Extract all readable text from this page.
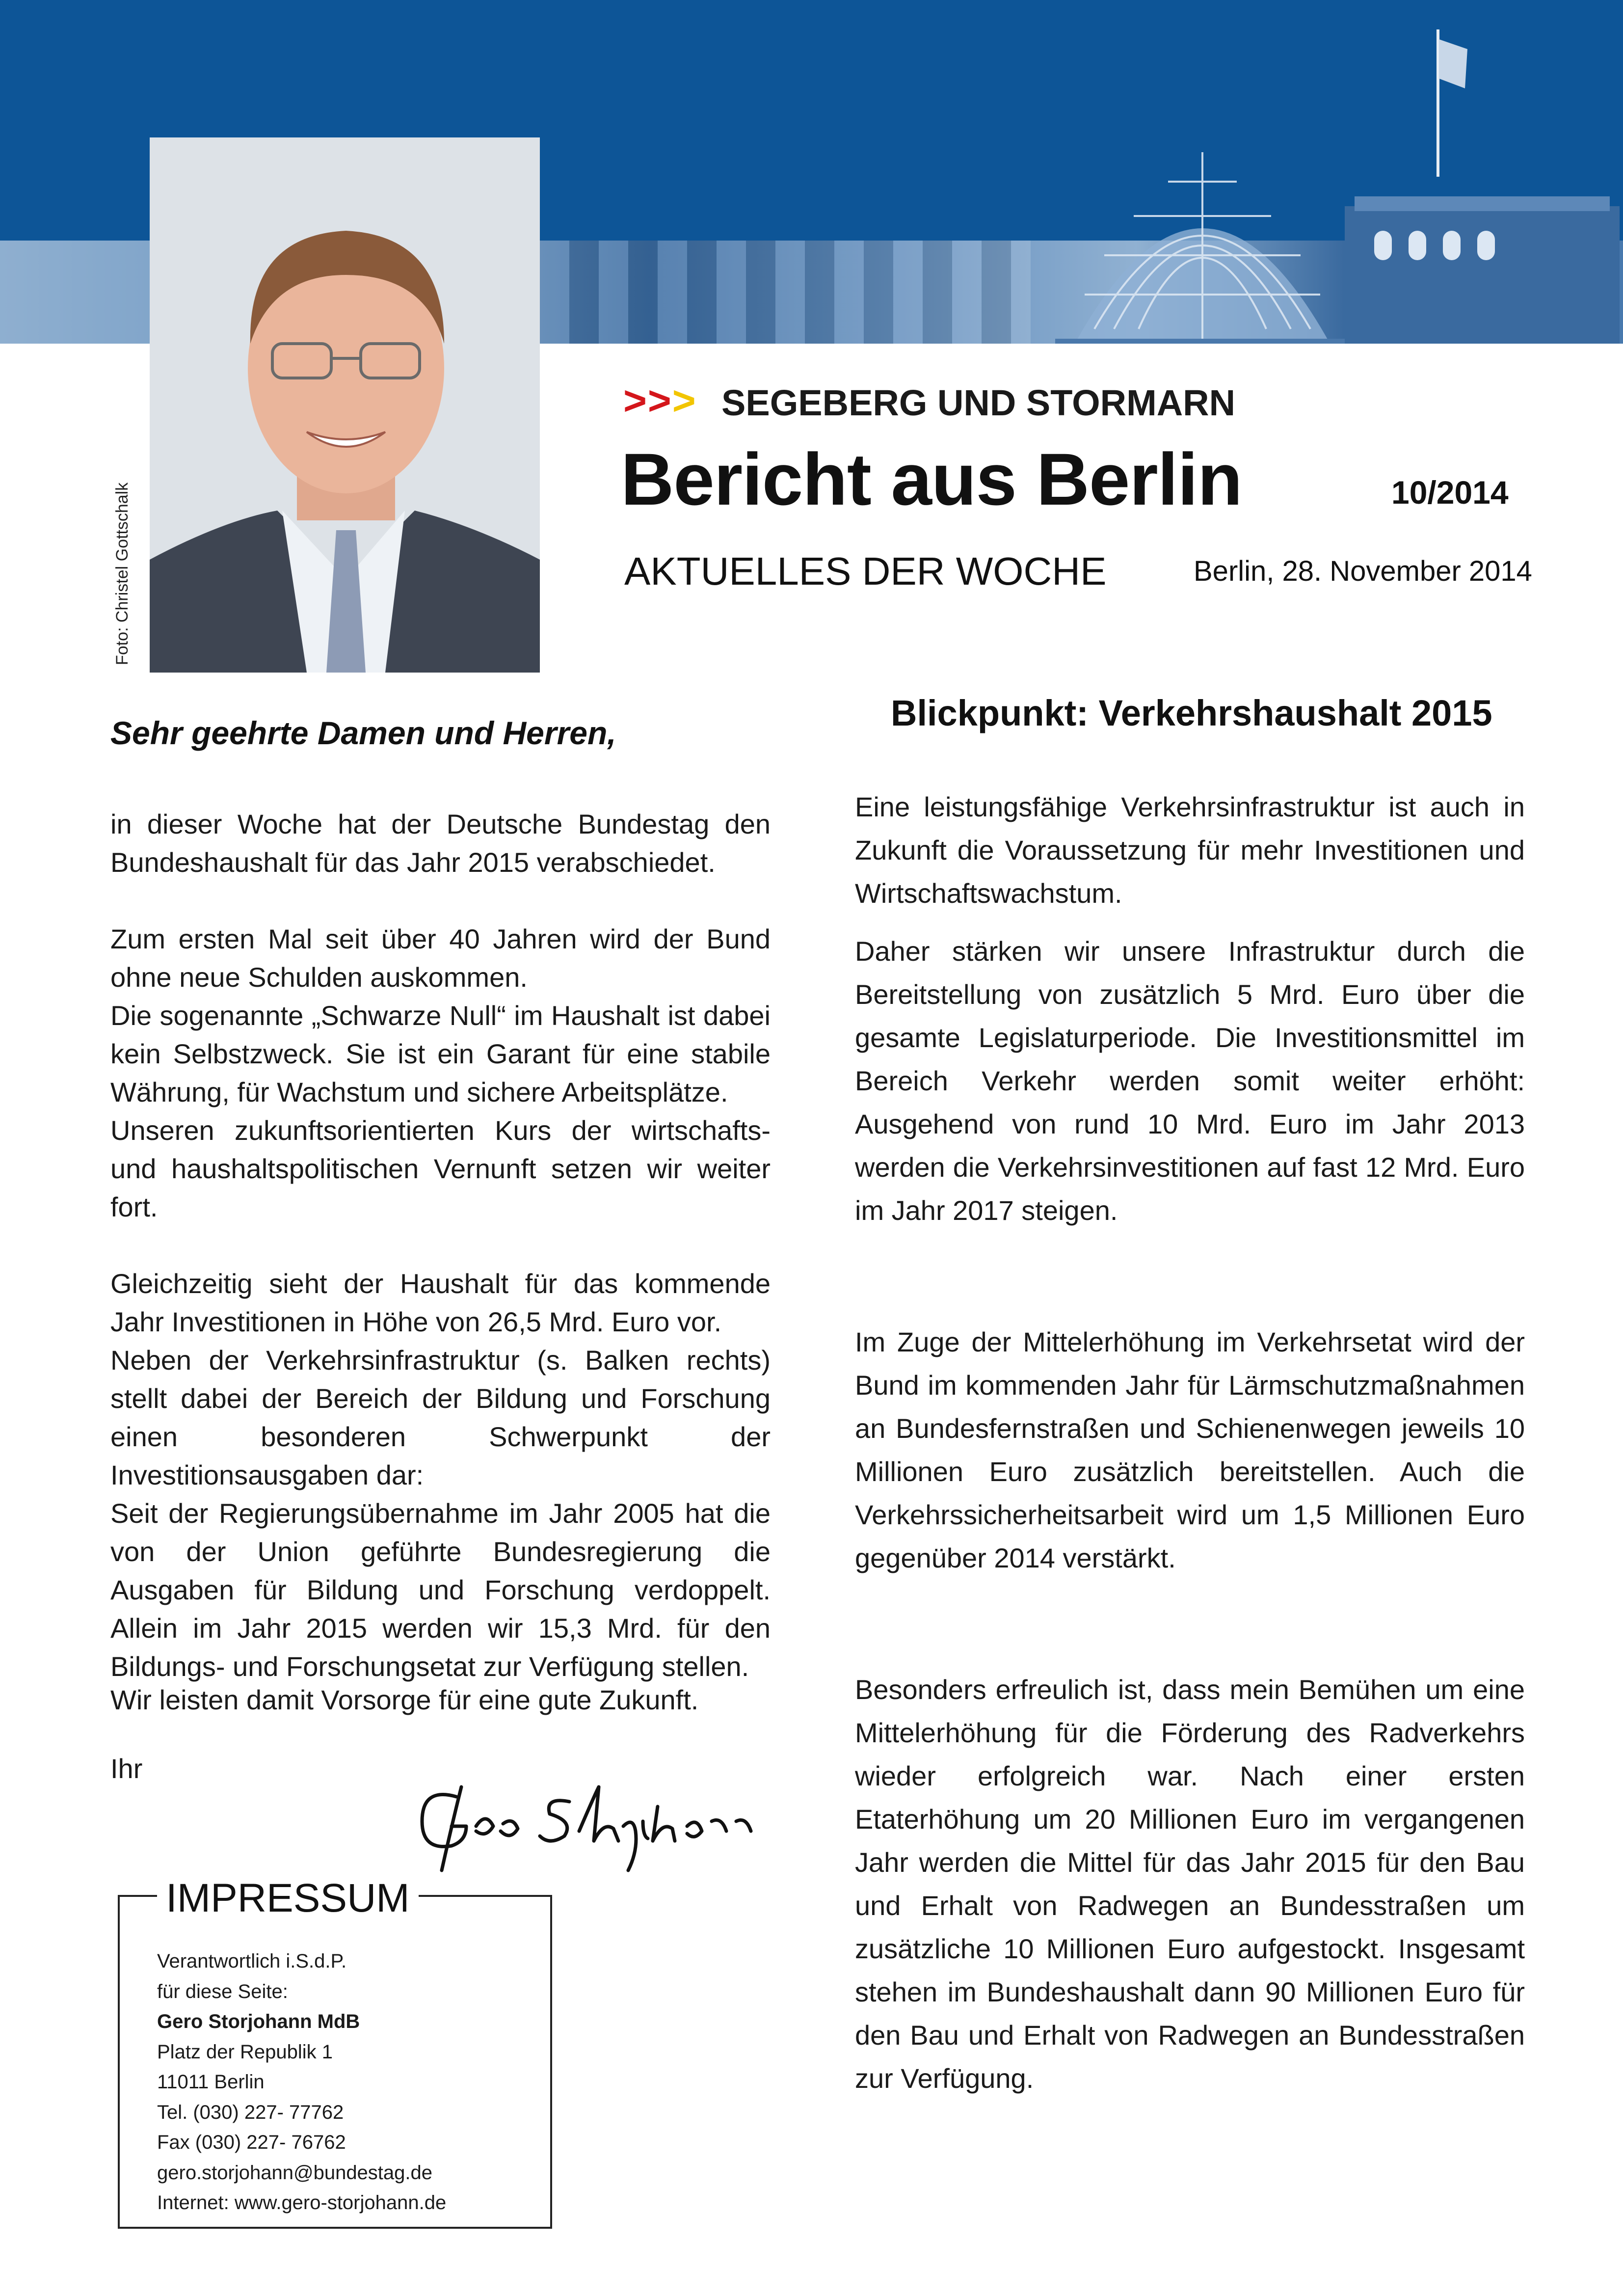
Foto: Christel Gottschalk
>>> SEGEBERG UND STORMARN
Bericht aus Berlin	10/2014
AKTUELLES DER WOCHE	Berlin, 28. November 2014
Sehr geehrte Damen und Herren,

in dieser Woche hat der Deutsche Bundestag den Bundeshaushalt für das Jahr 2015 verabschiedet.

Zum ersten Mal seit über 40 Jahren wird der Bund ohne neue Schulden auskommen.

Die sogenannte „Schwarze Null“ im Haushalt ist dabei kein Selbstzweck. Sie ist ein Garant für eine stabile Währung, für Wachstum und sichere Arbeitsplätze.

Unseren zukunftsorientierten Kurs der wirtschafts- und haushaltspolitischen Vernunft setzen wir weiter fort.

Gleichzeitig sieht der Haushalt für das kommende Jahr Investitionen in Höhe von 26,5 Mrd. Euro vor.

Neben der Verkehrsinfrastruktur (s. Balken rechts) stellt dabei der Bereich der Bildung und Forschung einen besonderen Schwerpunkt der Investitionsausgaben dar:

Seit der Regierungsübernahme im Jahr 2005 hat die von der Union geführte Bundesregierung die Ausgaben für Bildung und Forschung verdoppelt. Allein im Jahr 2015 werden wir 15,3 Mrd. für den Bildungs- und Forschungsetat zur Verfügung stellen.

Wir leisten damit Vorsorge für eine gute Zukunft.
Ihr
IMPRESSUM
Verantwortlich i.S.d.P.
für diese Seite:
Gero Storjohann MdB
Platz der Republik 1
11011 Berlin
Tel. (030) 227- 77762
Fax (030) 227- 76762
gero.storjohann@bundestag.de
Internet: www.gero-storjohann.de
Blickpunkt: Verkehrshaushalt 2015

Eine leistungsfähige Verkehrsinfrastruktur ist auch in Zukunft die Voraussetzung für mehr Investitionen und Wirtschaftswachstum.

Daher stärken wir unsere Infrastruktur durch die Bereitstellung von zusätzlich 5 Mrd. Euro über die gesamte Legislaturperiode. Die Investitionsmittel im Bereich Verkehr werden somit weiter erhöht: Ausgehend von rund 10 Mrd. Euro im Jahr 2013 werden die Verkehrsinvestitionen auf fast 12 Mrd. Euro im Jahr 2017 steigen.

Im Zuge der Mittelerhöhung im Verkehrsetat wird der Bund im kommenden Jahr für Lärmschutzmaßnahmen an Bundesfernstraßen und Schienenwegen jeweils 10 Millionen Euro zusätzlich bereitstellen. Auch die Verkehrssicherheitsarbeit wird um 1,5 Millionen Euro gegenüber 2014 verstärkt.

Besonders erfreulich ist, dass mein Bemühen um eine Mittelerhöhung für die Förderung des Radverkehrs wieder erfolgreich war. Nach einer ersten Etaterhöhung um 20 Millionen Euro im vergangenen Jahr werden die Mittel für das Jahr 2015 für den Bau und Erhalt von Radwegen an Bundesstraßen um zusätzliche 10 Millionen Euro aufgestockt. Insgesamt stehen im Bundeshaushalt dann 90 Millionen Euro für den Bau und Erhalt von Radwegen an Bundesstraßen zur Verfügung.
